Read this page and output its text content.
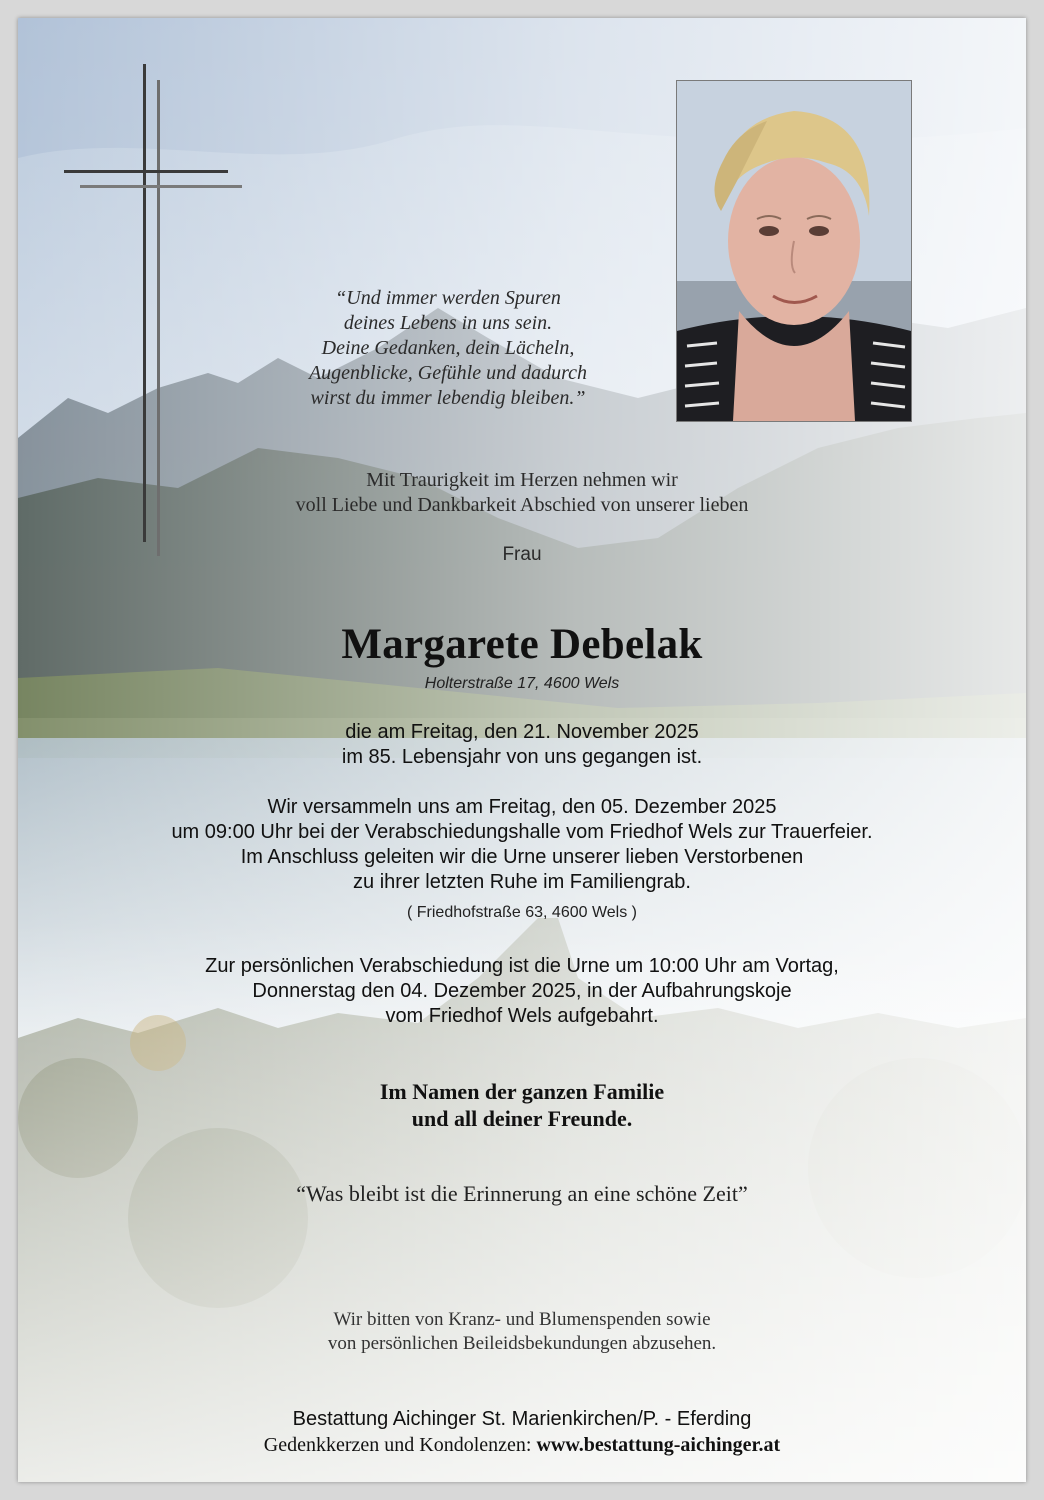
“Und immer werden Spuren
deines Lebens in uns sein.
Deine Gedanken, dein Lächeln,
Augenblicke, Gefühle und dadurch
wirst du immer lebendig bleiben.”
Mit Traurigkeit im Herzen nehmen wir
voll Liebe und Dankbarkeit Abschied von unserer lieben
Frau
Margarete Debelak
Holterstraße 17, 4600 Wels
die am Freitag, den 21. November 2025
im 85. Lebensjahr von uns gegangen ist.
Wir versammeln uns am Freitag, den 05. Dezember 2025
um 09:00 Uhr bei der Verabschiedungshalle vom Friedhof Wels zur Trauerfeier.
Im Anschluss geleiten wir die Urne unserer lieben Verstorbenen
zu ihrer letzten Ruhe im Familiengrab.
( Friedhofstraße 63, 4600 Wels )
Zur persönlichen Verabschiedung ist die Urne um 10:00 Uhr am Vortag,
Donnerstag den 04. Dezember 2025, in der Aufbahrungskoje
vom Friedhof Wels aufgebahrt.
Im Namen der ganzen Familie
und all deiner Freunde.
“Was bleibt ist die Erinnerung an eine schöne Zeit”
Wir bitten von Kranz- und Blumenspenden sowie
von persönlichen Beileidsbekundungen abzusehen.
Bestattung Aichinger St. Marienkirchen/P. - Eferding
Gedenkkerzen und Kondolenzen: www.bestattung-aichinger.at
